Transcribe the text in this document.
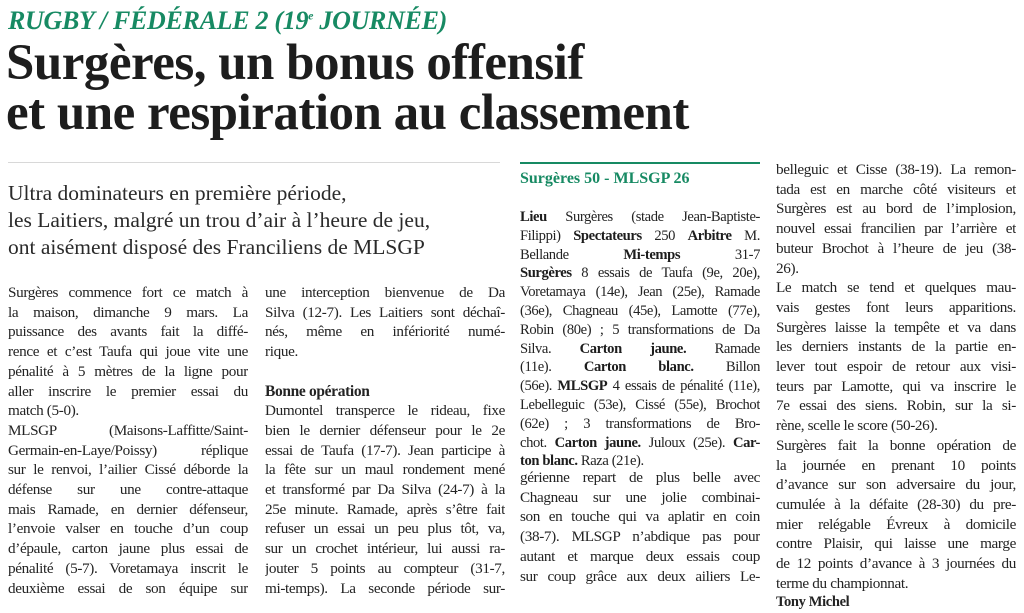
RUGBY / FÉDÉRALE 2 (19e JOURNÉE)
Surgères, un bonus offensif
et une respiration au classement
Ultra dominateurs en première période,
les Laitiers, malgré un trou d’air à l’heure de jeu,
ont aisément disposé des Franciliens de MLSGP
Surgères commence fort ce match à
la maison, dimanche 9 mars. La
puissance des avants fait la diffé-
rence et c’est Taufa qui joue vite une
pénalité à 5 mètres de la ligne pour
aller inscrire le premier essai du
match (5-0).
MLSGP (Maisons-Laffitte/Saint-
Germain-en-Laye/Poissy) réplique
sur le renvoi, l’ailier Cissé déborde la
défense sur une contre-attaque
mais Ramade, en dernier défenseur,
l’envoie valser en touche d’un coup
d’épaule, carton jaune plus essai de
pénalité (5-7). Voretamaya inscrit le
deuxième essai de son équipe sur
une interception bienvenue de Da
Silva (12-7). Les Laitiers sont déchaî-
nés, même en infériorité numé-
rique.
Bonne opération
Dumontel transperce le rideau, fixe
bien le dernier défenseur pour le 2e
essai de Taufa (17-7). Jean participe à
la fête sur un maul rondement mené
et transformé par Da Silva (24-7) à la
25e minute. Ramade, après s’être fait
refuser un essai un peu plus tôt, va,
sur un crochet intérieur, lui aussi ra-
jouter 5 points au compteur (31-7,
mi-temps). La seconde période sur-
Surgères 50 - MLSGP 26
Lieu Surgères (stade Jean-Baptiste-
Filippi) Spectateurs 250 Arbitre M.
Bellande Mi-temps 31-7
Surgères 8 essais de Taufa (9e, 20e),
Voretamaya (14e), Jean (25e), Ramade
(36e), Chagneau (45e), Lamotte (77e),
Robin (80e) ; 5 transformations de Da
Silva. Carton jaune. Ramade
(11e). Carton blanc. Billon
(56e). MLSGP 4 essais de pénalité (11e),
Lebelleguic (53e), Cissé (55e), Brochot
(62e) ; 3 transformations de Bro-
chot. Carton jaune. Juloux (25e). Car-
ton blanc. Raza (21e).
gérienne repart de plus belle avec
Chagneau sur une jolie combinai-
son en touche qui va aplatir en coin
(38-7). MLSGP n’abdique pas pour
autant et marque deux essais coup
sur coup grâce aux deux ailiers Le-
belleguic et Cisse (38-19). La remon-
tada est en marche côté visiteurs et
Surgères est au bord de l’implosion,
nouvel essai francilien par l’arrière et
buteur Brochot à l’heure de jeu (38-
26).
Le match se tend et quelques mau-
vais gestes font leurs apparitions.
Surgères laisse la tempête et va dans
les derniers instants de la partie en-
lever tout espoir de retour aux visi-
teurs par Lamotte, qui va inscrire le
7e essai des siens. Robin, sur la si-
rène, scelle le score (50-26).
Surgères fait la bonne opération de
la journée en prenant 10 points
d’avance sur son adversaire du jour,
cumulée à la défaite (28-30) du pre-
mier relégable Évreux à domicile
contre Plaisir, qui laisse une marge
de 12 points d’avance à 3 journées du
terme du championnat.
Tony Michel
